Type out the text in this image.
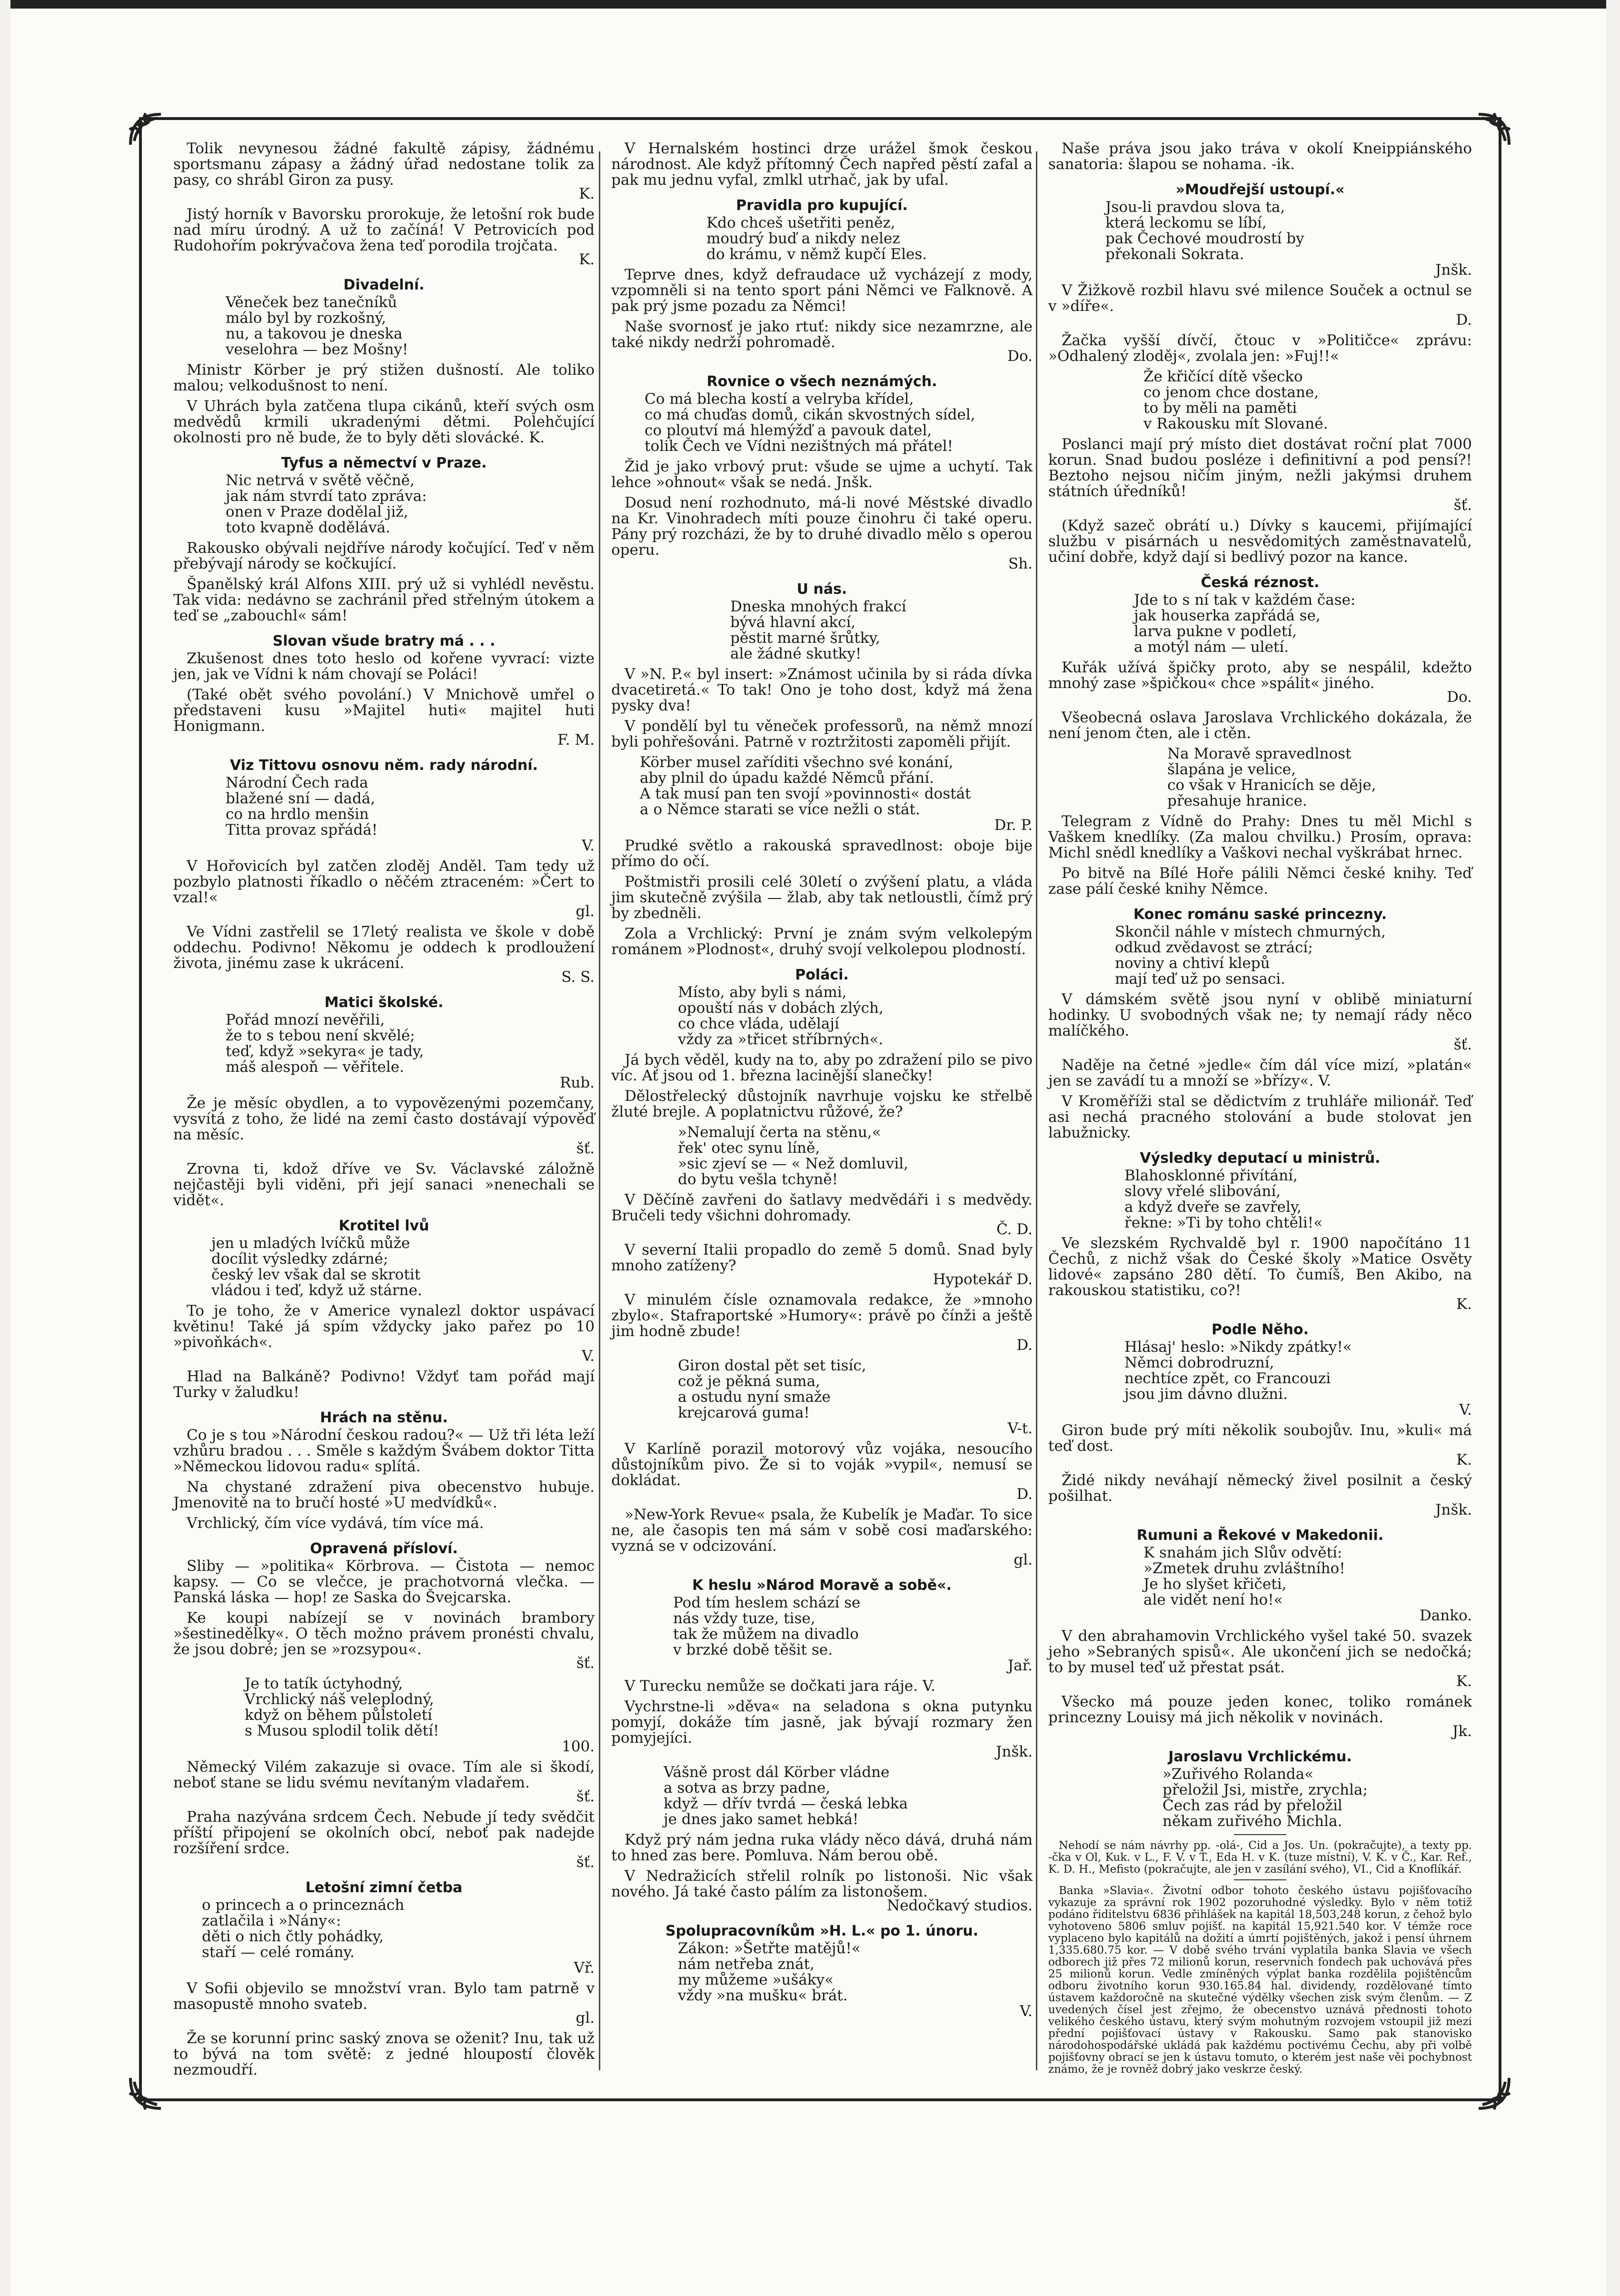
Tolik nevynesou žádné fakultě zápisy, žádnému sportsmanu zápasy a žádný úřad nedostane tolik za pasy, co shrábl Giron za pusy.
K.

Jistý horník v Bavorsku prorokuje, že letošní rok bude nad míru úrodný. A už to začíná! V Petrovicích pod Rudohořím pokrývačova žena teď porodila trojčata.
K.

Divadelní.
Věneček bez tanečníků
málo byl by rozkošný,
nu, a takovou je dneska
veselohra — bez Mošny!

Ministr Körber je prý stižen dušností. Ale toliko malou; velkodušnost to není.

V Uhrách byla zatčena tlupa cikánů, kteří svých osm medvědů krmili ukradenými dětmi. Polehčující okolnosti pro ně bude, že to byly děti slovácké. K.

Tyfus a němectví v Praze.
Nic netrvá v světě věčně,
jak nám stvrdí tato zpráva:
onen v Praze dodělal již,
toto kvapně dodělává.

Rakousko obývali nejdříve národy kočující. Teď v něm přebývají národy se kočkující.

Španělský král Alfons XIII. prý už si vyhlédl nevěstu. Tak vida: nedávno se zachránil před střelným útokem a teď se „zabouchl« sám!

Slovan všude bratry má . . .

Zkušenost dnes toto heslo od kořene vyvrací: vizte jen, jak ve Vídni k nám chovají se Poláci!

(Také obět svého povolání.) V Mnichově umřel o představeni kusu »Majitel huti« majitel huti Honigmann.
F. M.

Viz Tittovu osnovu něm. rady národní.
Národní Čech rada
blažené sní — dadá,
co na hrdlo menšin
Titta provaz spřádá!
V.

V Hořovicích byl zatčen zloděj Anděl. Tam tedy už pozbylo platnosti říkadlo o něčém ztraceném: »Čert to vzal!«
gl.

Ve Vídni zastřelil se 17letý realista ve škole v době oddechu. Podivno! Někomu je oddech k prodloužení života, jinému zase k ukrácení.
S. S.

Matici školské.
Pořád mnozí nevěřili,
že to s tebou není skvělé;
teď, když »sekyra« je tady,
máš alespoň — věřitele.
Rub.

Že je měsíc obydlen, a to vypovězenými pozemčany, vysvítá z toho, že lidé na zemi často dostávají výpověď na měsíc.
šť.

Zrovna ti, kdož dříve ve Sv. Václavské záložně nejčastěji byli viděni, při její sanaci »nenechali se vidět«.

Krotitel lvů
jen u mladých lvíčků může
docílit výsledky zdárné;
český lev však dal se skrotit
vládou i teď, když už stárne.

To je toho, že v Americe vynalezl doktor uspávací květinu! Také já spím vždycky jako pařez po 10 »pivoňkách«.
V.

Hlad na Balkáně? Podivno! Vždyť tam pořád mají Turky v žaludku!

Hrách na stěnu.

Co je s tou »Národní českou radou?« — Už tři léta leží vzhůru bradou . . . Směle s každým Švábem doktor Titta »Německou lidovou radu« splítá.

Na chystané zdražení piva obecenstvo hubuje. Jmenovitě na to bručí hosté »U medvídků«.

Vrchlický, čím více vydává, tím více má.

Opravená přísloví.

Sliby — »politika« Körbrova. — Čistota — nemoc kapsy. — Co se vlečce, je prachotvorná vlečka. — Panská láska — hop! ze Saska do Švejcarska.

Ke koupi nabízejí se v novinách brambory »šestinedělky«. O těch možno právem pronésti chvalu, že jsou dobré; jen se »rozsypou«.
šť.

Je to tatík úctyhodný,
Vrchlický náš veleplodný,
když on během půlstoletí
s Musou splodil tolik dětí!
100.

Německý Vilém zakazuje si ovace. Tím ale si škodí, neboť stane se lidu svému nevítaným vladařem.
šť.

Praha nazývána srdcem Čech. Nebude jí tedy svědčit příští připojení se okolních obcí, neboť pak nadejde rozšíření srdce.
šť.

Letošní zimní četba
o princech a o princeznách
zatlačila i »Nány«:
děti o nich čtly pohádky,
staří — celé romány.
Vř.

V Sofii objevilo se množství vran. Bylo tam patrně v masopustě mnoho svateb.
gl.

Že se korunní princ saský znova se oženit? Inu, tak už to bývá na tom světě: z jedné hloupostí člověk nezmoudří.

V Hernalském hostinci drze urážel šmok českou národnost. Ale když přítomný Čech napřed pěstí zafal a pak mu jednu vyfal, zmlkl utrhač, jak by ufal.

Pravidla pro kupující.
Kdo chceš ušetřiti peněz,
moudrý buď a nikdy nelez
do krámu, v němž kupčí Eles.

Teprve dnes, když defraudace už vycházejí z mody, vzpomněli si na tento sport páni Němci ve Falknově. A pak prý jsme pozadu za Němci!

Naše svornosť je jako rtuť: nikdy sice nezamrzne, ale také nikdy nedrží pohromadě.
Do.

Rovnice o všech neznámých.
Co má blecha kostí a velryba křídel,
co má chuďas domů, cikán skvostných sídel,
co ploutví má hlemýžď a pavouk datel,
tolik Čech ve Vídni nezištných má přátel!

Žid je jako vrbový prut: všude se ujme a uchytí. Tak lehce »ohnout« však se nedá. Jnšk.

Dosud není rozhodnuto, má-li nové Městské divadlo na Kr. Vinohradech míti pouze činohru či také operu. Pány prý rozcházi, že by to druhé divadlo mělo s operou operu.
Sh.

U nás.
Dneska mnohých frakcí
bývá hlavní akcí,
pěstit marné šrůtky,
ale žádné skutky!

V »N. P.« byl insert: »Známost učinila by si ráda dívka dvacetiretá.« To tak! Ono je toho dost, když má žena pysky dva!

V pondělí byl tu věneček professorů, na němž mnozí byli pohřešováni. Patrně v roztržitosti zapoměli přijít.

Körber musel zaříditi všechno své konání,
aby plnil do úpadu každé Němců přání.
A tak musí pan ten svojí »povinnosti« dostát
a o Němce starati se více nežli o stát.
Dr. P.

Prudké světlo a rakouská spravedlnost: oboje bije přímo do očí.

Poštmistři prosili celé 30letí o zvýšení platu, a vláda jim skutečně zvýšila — žlab, aby tak netloustli, čímž prý by zbedněli.

Zola a Vrchlický: První je znám svým velkolepým románem »Plodnost«, druhý svojí velkolepou plodností.

Poláci.
Místo, aby byli s námi,
opouští nás v dobách zlých,
co chce vláda, udělají
vždy za »třicet stříbrných«.

Já bych věděl, kudy na to, aby po zdražení pilo se pivo víc. Ať jsou od 1. března lacinější slanečky!

Dělostřelecký důstojník navrhuje vojsku ke střelbě žluté brejle. A poplatnictvu růžové, že?

»Nemalují čerta na stěnu,«
řek' otec synu líně,
»sic zjeví se — « Než domluvil,
do bytu vešla tchyně!

V Děčíně zavřeni do šatlavy medvědáři i s medvědy. Bručeli tedy všichni dohromady.
Č. D.

V severní Italii propadlo do země 5 domů. Snad byly mnoho zatíženy?
Hypotekář D.

V minulém čísle oznamovala redakce, že »mnoho zbylo«. Stafraportské »Humory«: právě po čínži a ještě jim hodně zbude!
D.

Giron dostal pět set tisíc,
což je pěkná suma,
a ostudu nyní smaže
krejcarová guma!
V-t.

V Karlíně porazil motorový vůz vojáka, nesoucího důstojníkům pivo. Že si to voják »vypil«, nemusí se dokládat.
D.

»New-York Revue« psala, že Kubelík je Maďar. To sice ne, ale časopis ten má sám v sobě cosi maďarského: vyzná se v odcizování.
gl.

K heslu »Národ Moravě a sobě«.
Pod tím heslem schází se
nás vždy tuze, tise,
tak že můžem na divadlo
v brzké době těšit se.
Jař.

V Turecku nemůže se dočkati jara ráje. V.

Vychrstne-li »děva« na seladona s okna putynku pomyjí, dokáže tím jasně, jak bývají rozmary žen pomyjejíci.
Jnšk.

Vášně prost dál Körber vládne
a sotva as brzy padne,
když — dřív tvrdá — česká lebka
je dnes jako samet hebká!

Když prý nám jedna ruka vlády něco dává, druhá nám to hned zas bere. Pomluva. Nám berou obě.

V Nedražicích střelil rolník po listonoši. Nic však nového. Já také často pálím za listonošem.
Nedočkavý studios.

Spolupracovníkům »H. L.« po 1. únoru.
Zákon: »Šetřte matějů!«
nám netřeba znát,
my můžeme »ušáky«
vždy »na mušku« brát.
V.

Naše práva jsou jako tráva v okolí Kneippiánského sanatoria: šlapou se nohama. -ik.

»Moudřejší ustoupí.«
Jsou-li pravdou slova ta,
která leckomu se líbí,
pak Čechové moudrostí by
překonali Sokrata.
Jnšk.

V Žižkově rozbil hlavu své milence Souček a octnul se v »díře«.
D.

Žačka vyšší dívčí, čtouc v »Političce« zprávu: »Odhalený zloděj«, zvolala jen: »Fuj!!«

Že křičící dítě všecko
co jenom chce dostane,
to by měli na paměti
v Rakousku mít Slované.

Poslanci mají prý místo diet dostávat roční plat 7000 korun. Snad budou posléze i definitivní a pod pensí?! Beztoho nejsou ničím jiným, nežli jakýmsi druhem státních úředníků!
šť.

(Když sazeč obrátí u.) Dívky s kaucemi, přijímající službu v pisárnách u nesvědomitých zaměstnavatelů, učiní dobře, když dají si bedlivý pozor na kance.

Česká réznost.
Jde to s ní tak v každém čase:
jak houserka zapřádá se,
larva pukne v podletí,
a motýl nám — uletí.

Kuřák užívá špičky proto, aby se nespálil, kdežto mnohý zase »špičkou« chce »spálit« jiného.
Do.

Všeobecná oslava Jaroslava Vrchlického dokázala, že není jenom čten, ale i ctěn.

Na Moravě spravedlnost
šlapána je velice,
co však v Hranicích se děje,
přesahuje hranice.

Telegram z Vídně do Prahy: Dnes tu měl Michl s Vaškem knedlíky. (Za malou chvilku.) Prosím, oprava: Michl snědl knedlíky a Vaškovi nechal vyškrábat hrnec.

Po bitvě na Bílé Hoře pálili Němci české knihy. Teď zase pálí české knihy Němce.

Konec románu saské princezny.
Skončil náhle v místech chmurných,
odkud zvědavost se ztrácí;
noviny a chtiví klepů
mají teď už po sensaci.

V dámském světě jsou nyní v oblibě miniaturní hodinky. U svobodných však ne; ty nemají rády něco malíčkého.
šť.

Naděje na četné »jedle« čím dál více mizí, »platán« jen se zavádí tu a množí se »břízy«. V.

V Kroměříži stal se dědictvím z truhláře milionář. Teď asi nechá pracného stolování a bude stolovat jen labužnicky.

Výsledky deputací u ministrů.
Blahosklonné přivítání,
slovy vřelé slibování,
a když dveře se zavřely,
řekne: »Ti by toho chtěli!«

Ve slezském Rychvaldě byl r. 1900 napočítáno 11 Čechů, z nichž však do České školy »Matice Osvěty lidové« zapsáno 280 dětí. To čumíš, Ben Akibo, na rakouskou statistiku, co?!
K.

Podle Něho.
Hlásaj' heslo: »Nikdy zpátky!«
Němci dobrodruzní,
nechtíce zpět, co Francouzi
jsou jim dávno dlužni.
V.

Giron bude prý míti několik soubojův. Inu, »kuli« má teď dost.
K.

Židé nikdy neváhají německý živel posilnit a český pošilhat.
Jnšk.

Rumuni a Řekové v Makedonii.
K snahám jich Slův odvětí:
»Zmetek druhu zvláštního!
Je ho slyšet křičeti,
ale vidět není ho!«
Danko.

V den abrahamovin Vrchlického vyšel také 50. svazek jeho »Sebraných spisů«. Ale ukončení jich se nedočká; to by musel teď už přestat psát.
K.

Všecko má pouze jeden konec, toliko románek princezny Louisy má jich několik v novinách.
Jk.

Jaroslavu Vrchlickému.
»Zuřivého Rolanda«
přeložil Jsi, mistře, zrychla;
Čech zas rád by přeložil
někam zuřivého Michla.

Nehodí se nám návrhy pp. -olá-, Cid a Jos. Un. (pokračujte), a texty pp. -čka v Ol, Kuk. v L., F. V. v T., Eda H. v K. (tuze místní), V. K. v Č., Kar. Ref., K. D. H., Mefisto (pokračujte, ale jen v zasílání svého), VI., Cid a Knoflíkář.

Banka »Slavia«. Životní odbor tohoto českého ústavu pojišťovacího vykazuje za správní rok 1902 pozoruhodné výsledky. Bylo v něm totiž podáno řiditelstvu 6836 přihlášek na kapitál 18,503,248 korun, z čehož bylo vyhotoveno 5806 smluv pojišť. na kapitál 15,921.540 kor. V témže roce vyplaceno bylo kapitálů na dožití a úmrtí pojištěných, jakož i pensí úhrnem 1,335.680.75 kor. — V době svého trvání vyplatila banka Slavia ve všech odborech již přes 72 milionů korun, reservních fondech pak uchovává přes 25 milionů korun. Vedle zmíněných výplat banka rozdělila pojištěncům odboru životního korun 930.165.84 hal. dividendy, rozdělované tímto ústavem každoročně na skutečné výdělky všechen zisk svým členům. — Z uvedených čísel jest zřejmo, že obecenstvo uznává přednosti tohoto velikého českého ústavu, který svým mohutným rozvojem vstoupil již mezi přední pojišťovací ústavy v Rakousku. Samo pak stanovisko národohospodářské ukládá pak každému poctivému Čechu, aby při volbě pojišťovny obrací se jen k ústavu tomuto, o kterém jest naše věi pochybnost známo, že je rovněž dobrý jako veskrze český.
